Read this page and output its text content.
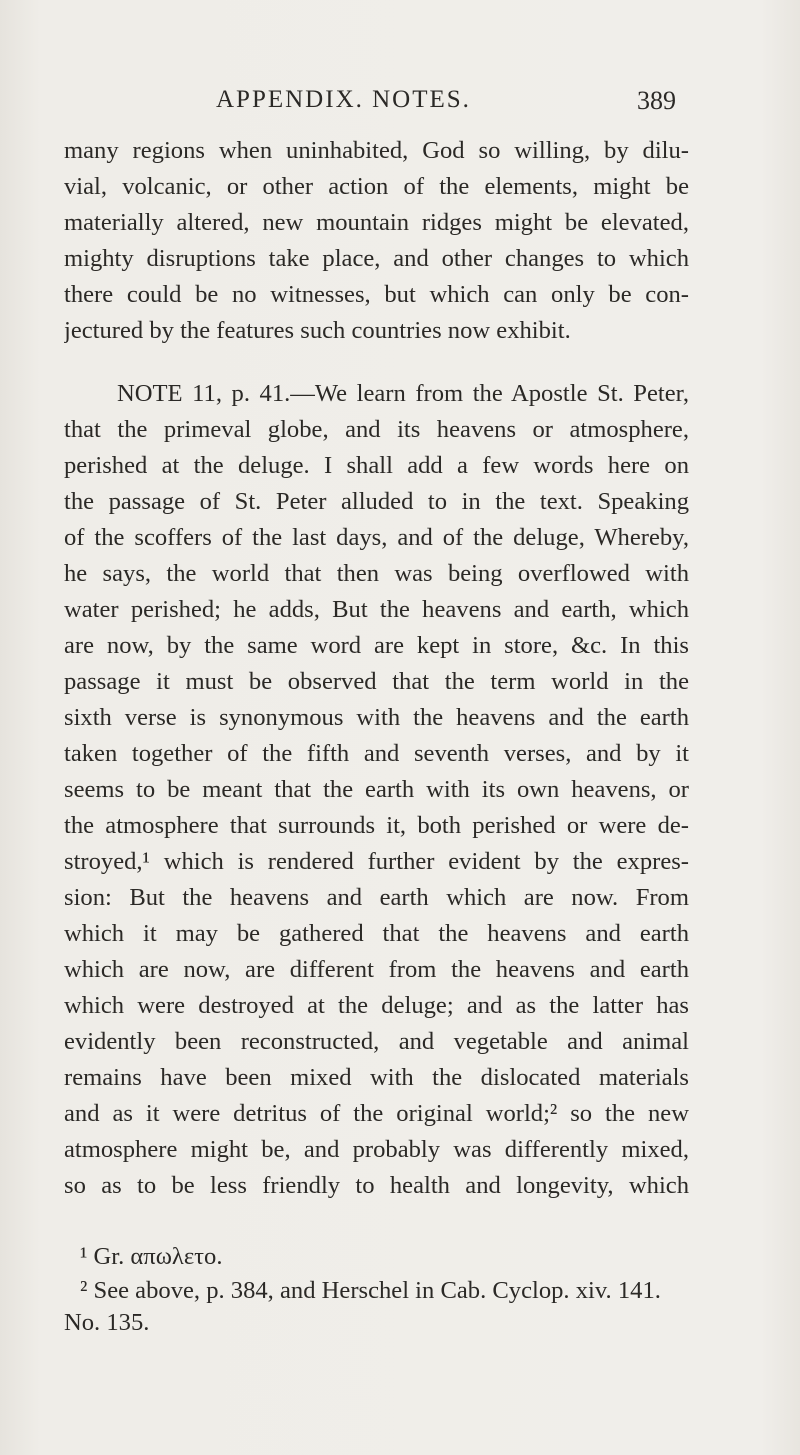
APPENDIX. NOTES.	389
many regions when uninhabited, God so willing, by dilu-
vial, volcanic, or other action of the elements, might be
materially altered, new mountain ridges might be elevated,
mighty disruptions take place, and other changes to which
there could be no witnesses, but which can only be con-
jectured by the features such countries now exhibit.
NOTE 11, p. 41.—We learn from the Apostle St. Peter,
that the primeval globe, and its heavens or atmosphere,
perished at the deluge. I shall add a few words here on
the passage of St. Peter alluded to in the text. Speaking
of the scoffers of the last days, and of the deluge, Whereby,
he says, the world that then was being overflowed with
water perished; he adds, But the heavens and earth, which
are now, by the same word are kept in store, &c. In this
passage it must be observed that the term world in the
sixth verse is synonymous with the heavens and the earth
taken together of the fifth and seventh verses, and by it
seems to be meant that the earth with its own heavens, or
the atmosphere that surrounds it, both perished or were de-
stroyed,¹ which is rendered further evident by the expres-
sion: But the heavens and earth which are now. From
which it may be gathered that the heavens and earth
which are now, are different from the heavens and earth
which were destroyed at the deluge; and as the latter has
evidently been reconstructed, and vegetable and animal
remains have been mixed with the dislocated materials
and as it were detritus of the original world;² so the new
atmosphere might be, and probably was differently mixed,
so as to be less friendly to health and longevity, which
¹ Gr. απωλετο.
² See above, p. 384, and Herschel in Cab. Cyclop. xiv. 141.
No. 135.
